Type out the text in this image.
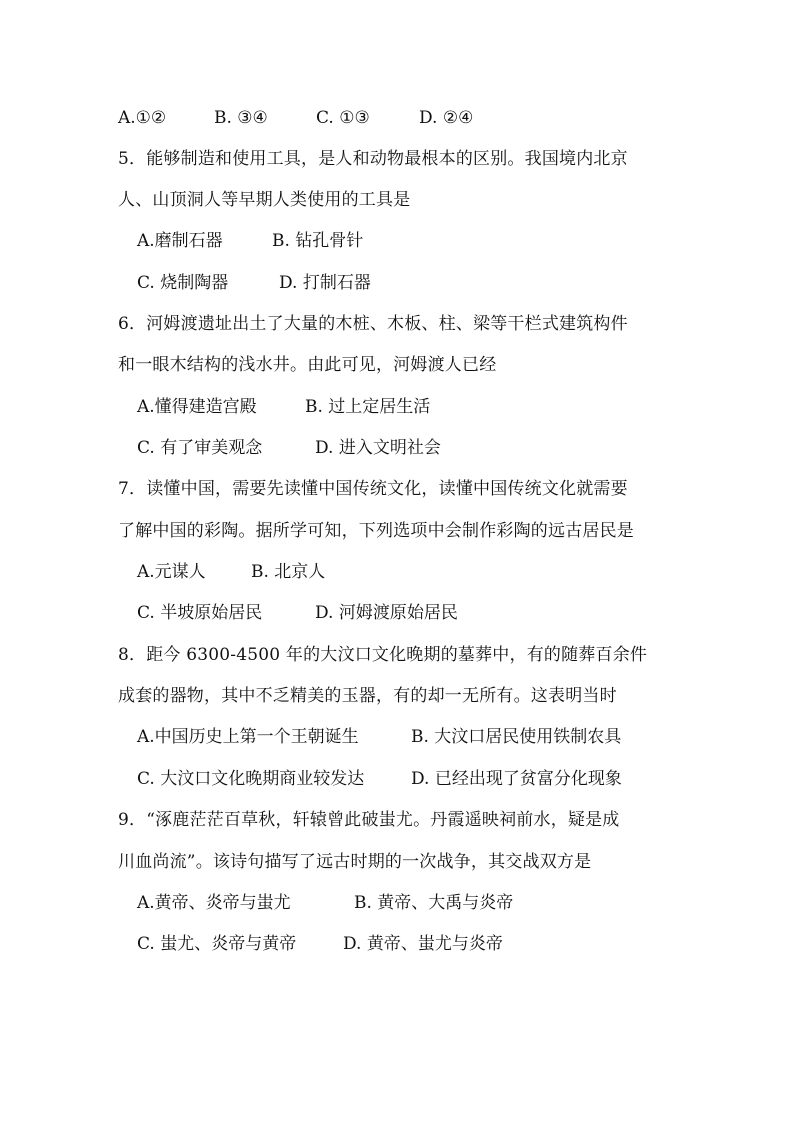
A.①②	B. ③④	C. ①③	D. ②④
5．能够制造和使用工具，是人和动物最根本的区别。我国境内北京
人、山顶洞人等早期人类使用的工具是
A.磨制石器	B. 钻孔骨针
C. 烧制陶器	D. 打制石器
6．河姆渡遗址出土了大量的木桩、木板、柱、梁等干栏式建筑构件
和一眼木结构的浅水井。由此可见，河姆渡人已经
A.懂得建造宫殿	B. 过上定居生活
C. 有了审美观念	D. 进入文明社会
7．读懂中国，需要先读懂中国传统文化，读懂中国传统文化就需要
了解中国的彩陶。据所学可知，下列选项中会制作彩陶的远古居民是
A.元谋人	B. 北京人
C. 半坡原始居民	D. 河姆渡原始居民
8．距今 6300-4500 年的大汶口文化晚期的墓葬中，有的随葬百余件
成套的器物，其中不乏精美的玉器，有的却一无所有。这表明当时
A.中国历史上第一个王朝诞生	B. 大汶口居民使用铁制农具
C. 大汶口文化晚期商业较发达	D. 已经出现了贫富分化现象
9．“涿鹿茫茫百草秋，轩辕曾此破蚩尤。丹霞遥映祠前水，疑是成
川血尚流”。该诗句描写了远古时期的一次战争，其交战双方是
A.黄帝、炎帝与蚩尤	B. 黄帝、大禹与炎帝
C. 蚩尤、炎帝与黄帝	D. 黄帝、蚩尤与炎帝
